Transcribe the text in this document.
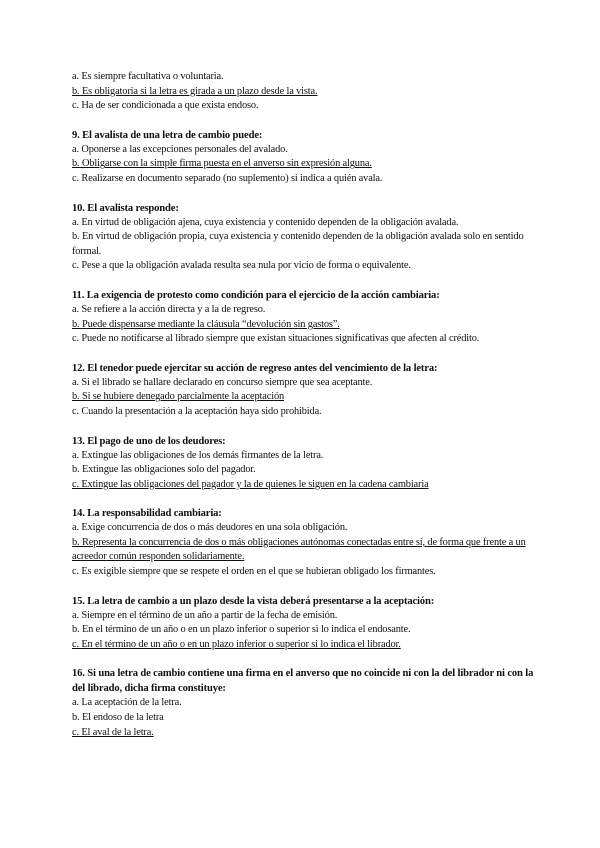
a. Es siempre facultativa o voluntaria.
b. Es obligatoria si la letra es girada a un plazo desde la vista.
c. Ha de ser condicionada a que exista endoso.
9. El avalista de una letra de cambio puede:
a. Oponerse a las excepciones personales del avalado.
b. Obligarse con la simple firma puesta en el anverso sin expresión alguna.
c. Realizarse en documento separado (no suplemento) si indica a quién avala.
10. El avalista responde:
a. En virtud de obligación ajena, cuya existencia y contenido dependen de la obligación avalada.
b. En virtud de obligación propia, cuya existencia y contenido dependen de la obligación avalada solo en sentido formal.
c. Pese a que la obligación avalada resulta sea nula por vicio de forma o equivalente.
11. La exigencia de protesto como condición para el ejercicio de la acción cambiaria:
a. Se refiere a la acción directa y a la de regreso.
b. Puede dispensarse mediante la cláusula “devolución sin gastos”.
c. Puede no notificarse al librado siempre que existan situaciones significativas que afecten al crédito.
12. El tenedor puede ejercitar su acción de regreso antes del vencimiento de la letra:
a. Si el librado se hallare declarado en concurso siempre que sea aceptante.
b. Si se hubiere denegado parcialmente la aceptación
c. Cuando la presentación a la aceptación haya sido prohibida.
13. El pago de uno de los deudores:
a. Extingue las obligaciones de los demás firmantes de la letra.
b. Extingue las obligaciones solo del pagador.
c. Extingue las obligaciones del pagador y la de quienes le siguen en la cadena cambiaria
14. La responsabilidad cambiaria:
a. Exige concurrencia de dos o más deudores en una sola obligación.
b. Representa la concurrencia de dos o más obligaciones autónomas conectadas entre sí, de forma que frente a un acreedor común responden solidariamente.
c. Es exigible siempre que se respete el orden en el que se hubieran obligado los firmantes.
15. La letra de cambio a un plazo desde la vista deberá presentarse a la aceptación:
a. Siempre en el término de un año a partir de la fecha de emisión.
b. En el término de un año o en un plazo inferior o superior si lo indica el endosante.
c. En el término de un año o en un plazo inferior o superior si lo indica el librador.
16. Si una letra de cambio contiene una firma en el anverso que no coincide ni con la del librador ni con la del librado, dicha firma constituye:
a. La aceptación de la letra.
b. El endoso de la letra
c. El aval de la letra.
